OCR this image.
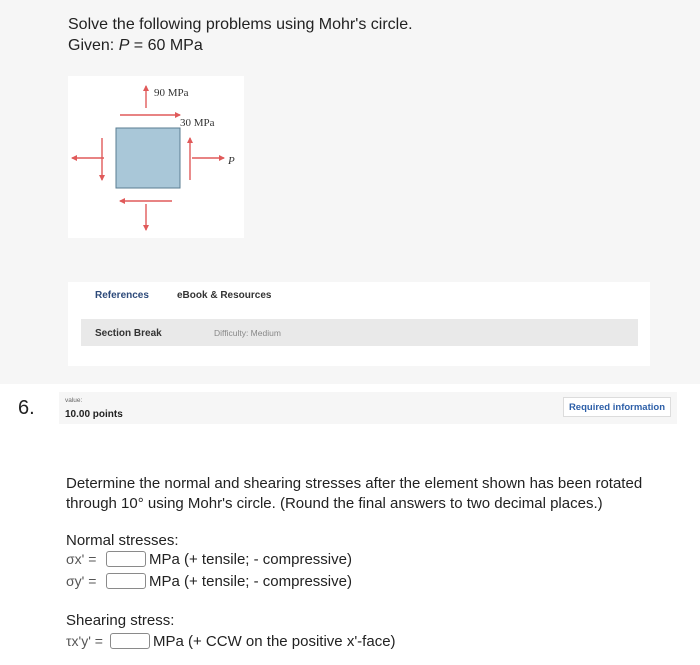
Solve the following problems using Mohr's circle.
Given: P = 60 MPa
90 MPa
30 MPa
P
References	eBook & Resources
Section Break	Difficulty: Medium
6.	value:
10.00 points
Required information
Determine the normal and shearing stresses after the element shown has been rotated through 10° using Mohr's circle. (Round the final answers to two decimal places.)
Normal stresses:
σx' =	MPa (+ tensile; - compressive)
σy' =	MPa (+ tensile; - compressive)
Shearing stress:
τx'y' =	MPa (+ CCW on the positive x'-face)
